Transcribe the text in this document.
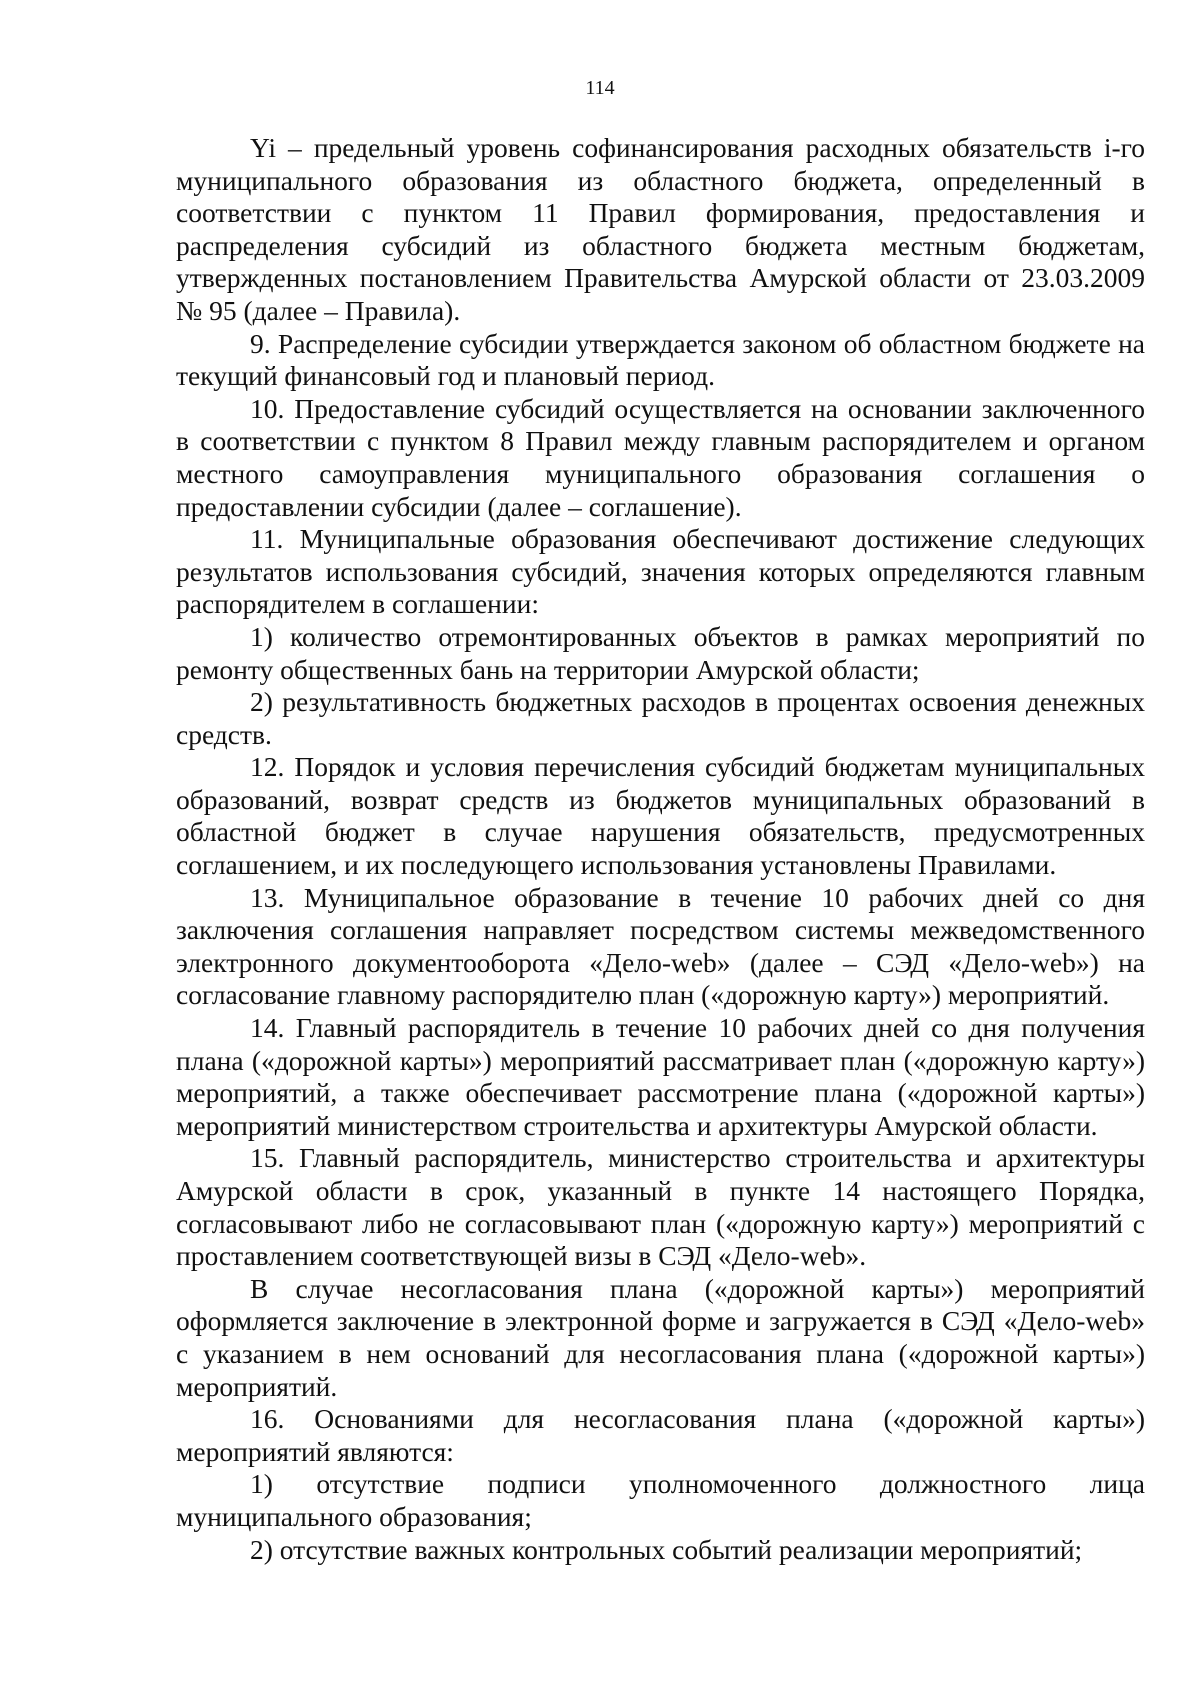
114

Yi – предельный уровень софинансирования расходных обязательств i-го муниципального образования из областного бюджета, определенный в соответствии с пунктом 11 Правил формирования, предоставления и распределения субсидий из областного бюджета местным бюджетам, утвержденных постановлением Правительства Амурской области от 23.03.2009 № 95 (далее – Правила).

9. Распределение субсидии утверждается законом об областном бюджете на текущий финансовый год и плановый период.

10. Предоставление субсидий осуществляется на основании заключенного в соответствии с пунктом 8 Правил между главным распорядителем и органом местного самоуправления муниципального образования соглашения о предоставлении субсидии (далее – соглашение).

11. Муниципальные образования обеспечивают достижение следующих результатов использования субсидий, значения которых определяются главным распорядителем в соглашении:

1) количество отремонтированных объектов в рамках мероприятий по ремонту общественных бань на территории Амурской области;

2) результативность бюджетных расходов в процентах освоения денежных средств.

12. Порядок и условия перечисления субсидий бюджетам муниципальных образований, возврат средств из бюджетов муниципальных образований в областной бюджет в случае нарушения обязательств, предусмотренных соглашением, и их последующего использования установлены Правилами.

13. Муниципальное образование в течение 10 рабочих дней со дня заключения соглашения направляет посредством системы межведомственного электронного документооборота «Дело-web» (далее – СЭД «Дело-web») на согласование главному распорядителю план («дорожную карту») мероприятий.

14. Главный распорядитель в течение 10 рабочих дней со дня получения плана («дорожной карты») мероприятий рассматривает план («дорожную карту») мероприятий, а также обеспечивает рассмотрение плана («дорожной карты») мероприятий министерством строительства и архитектуры Амурской области.

15. Главный распорядитель, министерство строительства и архитектуры Амурской области в срок, указанный в пункте 14 настоящего Порядка, согласовывают либо не согласовывают план («дорожную карту») мероприятий с проставлением соответствующей визы в СЭД «Дело-web».

В случае несогласования плана («дорожной карты») мероприятий оформляется заключение в электронной форме и загружается в СЭД «Дело-web» с указанием в нем оснований для несогласования плана («дорожной карты») мероприятий.

16. Основаниями для несогласования плана («дорожной карты») мероприятий являются:

1) отсутствие подписи уполномоченного должностного лица муниципального образования;

2) отсутствие важных контрольных событий реализации мероприятий;
